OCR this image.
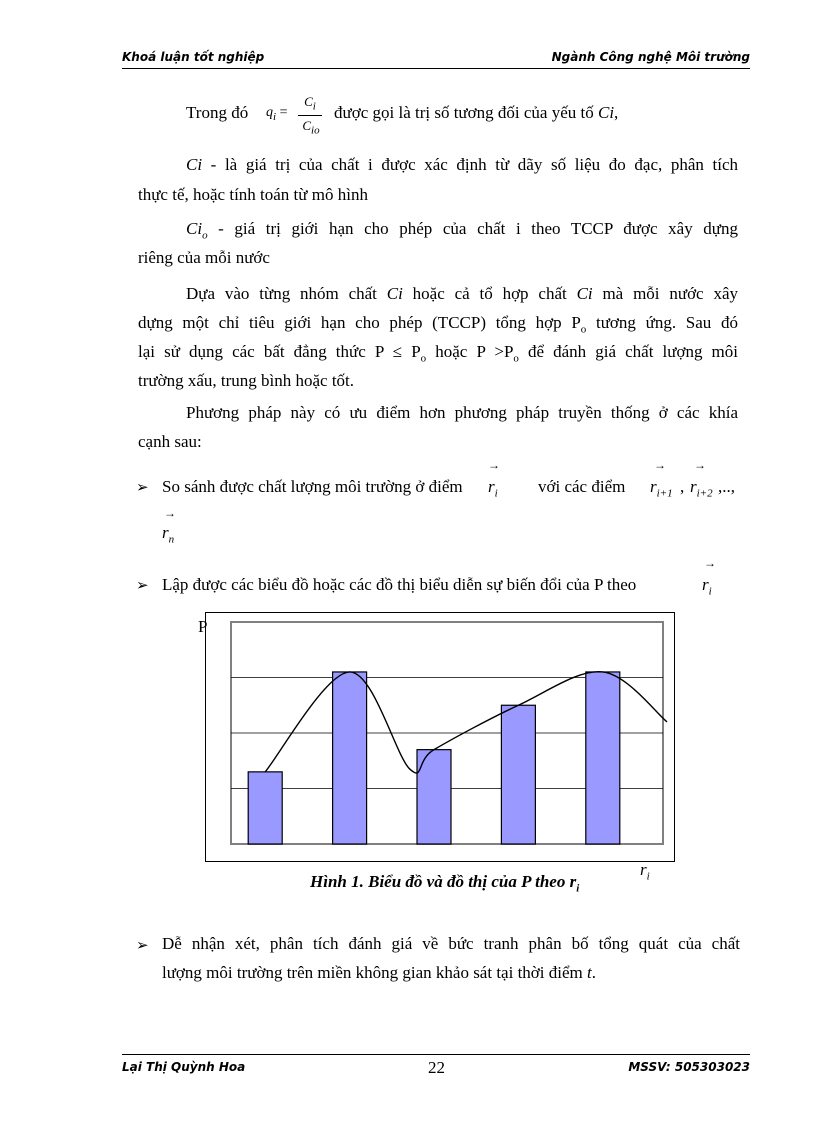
Khoá luận tốt nghiệp	Ngành Công nghệ Môi trường
Trong đó $q_i$ =
$C_i$
$C_{io}$
được gọi là trị số tương đối của yếu tố Ci,
Ci - là giá trị của chất i được xác định từ dãy số liệu đo đạc, phân tích
thực tế, hoặc tính toán từ mô hình
$Ci_o$ - giá trị giới hạn cho phép của chất i theo TCCP được xây dựng
riêng của mỗi nước
Dựa vào từng nhóm chất Ci hoặc cả tổ hợp chất Ci mà mỗi nước xây
dựng một chỉ tiêu giới hạn cho phép (TCCP) tổng hợp $P_o$ tương ứng. Sau đó
lại sử dụng các bất đẳng thức $P \le P_o$ hoặc $P >P_o$ để đánh giá chất lượng môi
trường xấu, trung bình hoặc tốt.
Phương pháp này có ưu điểm hơn phương pháp truyền thống ở các khía
cạnh sau:
➢ So sánh được chất lượng môi trường ở điểm
→
$r_i$ với các điểm
→
$r_{i+1}$ ,
→
$r_{i+2}$ ,..,
→
$r_n$
➢ Lập được các biểu đồ hoặc các đồ thị biểu diễn sự biến đổi của P theo
→
$r_i$
P
$r_i$
Hình 1. Biểu đồ và đồ thị của P theo $r_i$
➢ Dễ nhận xét, phân tích đánh giá về bức tranh phân bố tổng quát của chất
lượng môi trường trên miền không gian khảo sát tại thời điểm t.
Lại Thị Quỳnh Hoa	22	MSSV: 505303023
